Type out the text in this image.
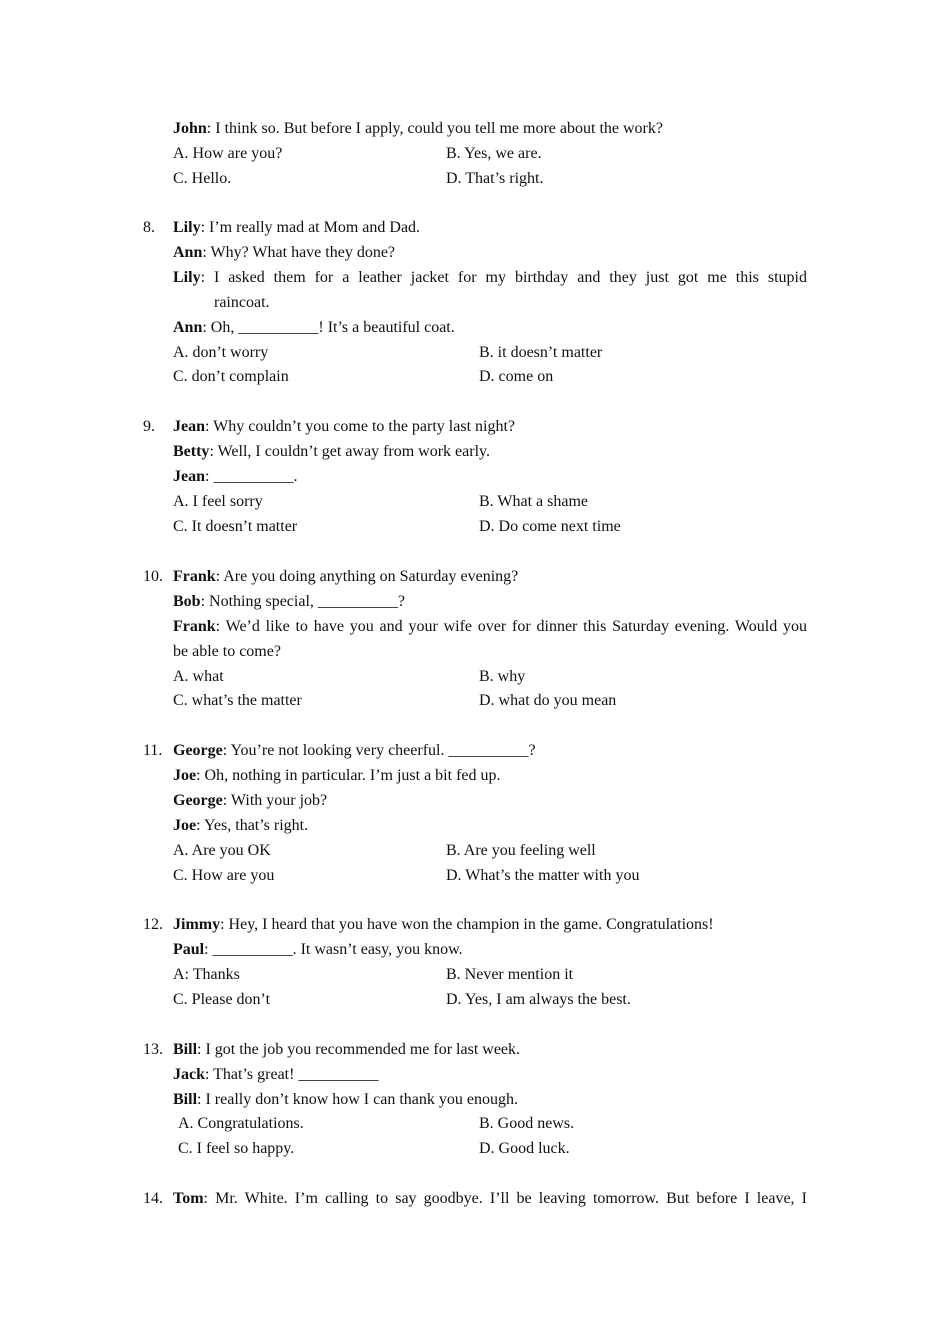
John: I think so. But before I apply, could you tell me more about the work?
A. How are you?	B. Yes, we are.
C. Hello.	D. That’s right.
8. Lily: I’m really mad at Mom and Dad.
Ann: Why? What have they done?
Lily: I asked them for a leather jacket for my birthday and they just got me this stupid
raincoat.
Ann: Oh, __________! It’s a beautiful coat.
A. don’t worry	B. it doesn’t matter
C. don’t complain	D. come on
9. Jean: Why couldn’t you come to the party last night?
Betty: Well, I couldn’t get away from work early.
Jean: __________.
A. I feel sorry	B. What a shame
C. It doesn’t matter	D. Do come next time
10. Frank: Are you doing anything on Saturday evening?
Bob: Nothing special, __________?
Frank: We’d like to have you and your wife over for dinner this Saturday evening. Would you
be able to come?
A. what	B. why
C. what’s the matter	D. what do you mean
11. George: You’re not looking very cheerful. __________?
Joe: Oh, nothing in particular. I’m just a bit fed up.
George: With your job?
Joe: Yes, that’s right.
A. Are you OK	B. Are you feeling well
C. How are you	D. What’s the matter with you
12. Jimmy: Hey, I heard that you have won the champion in the game. Congratulations!
Paul: __________. It wasn’t easy, you know.
A: Thanks	B. Never mention it
C. Please don’t	D. Yes, I am always the best.
13. Bill: I got the job you recommended me for last week.
Jack: That’s great! __________
Bill: I really don’t know how I can thank you enough.
A. Congratulations.	B. Good news.
C. I feel so happy.	D. Good luck.
14. Tom: Mr. White. I’m calling to say goodbye. I’ll be leaving tomorrow. But before I leave, I
